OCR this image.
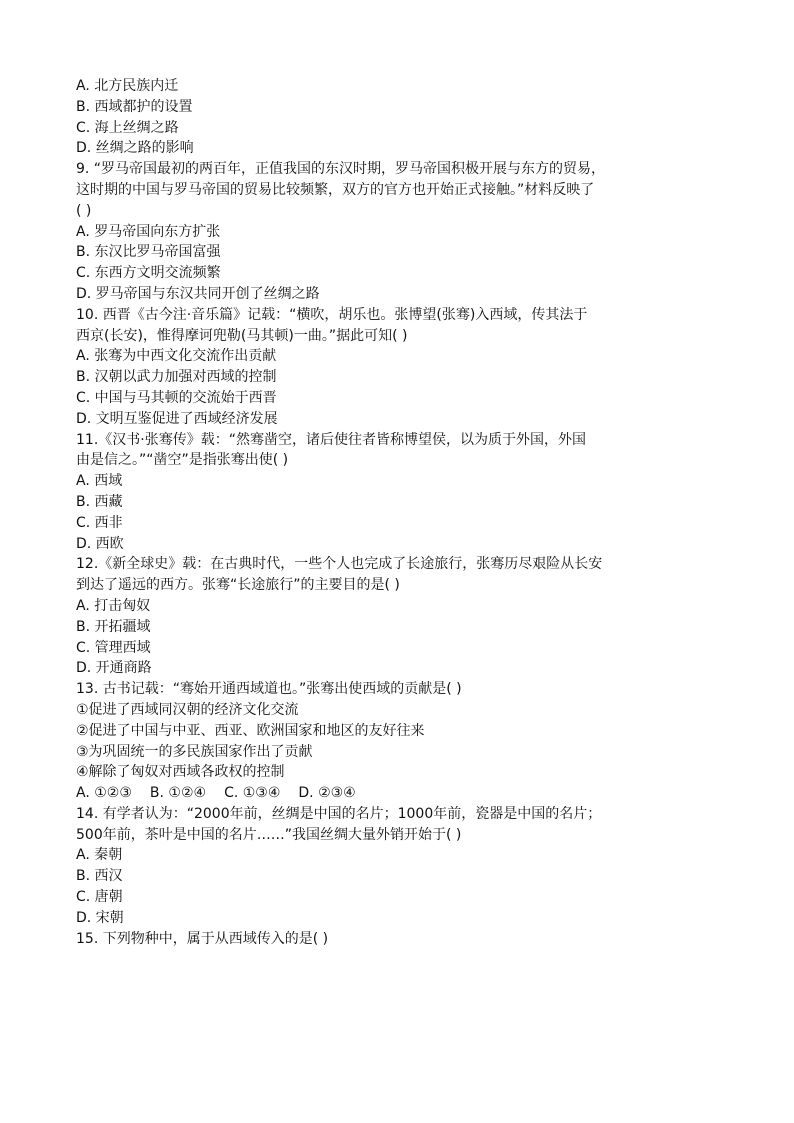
A. 北方民族内迁
B. 西域都护的设置
C. 海上丝绸之路
D. 丝绸之路的影响
9. “罗马帝国最初的两百年，正值我国的东汉时期，罗马帝国积极开展与东方的贸易，
这时期的中国与罗马帝国的贸易比较频繁，双方的官方也开始正式接触。”材料反映了
( )
A. 罗马帝国向东方扩张
B. 东汉比罗马帝国富强
C. 东西方文明交流频繁
D. 罗马帝国与东汉共同开创了丝绸之路
10. 西晋《古今注·音乐篇》记载：“横吹，胡乐也。张博望(张骞)入西域，传其法于
西京(长安)，惟得摩诃兜勒(马其顿)一曲。”据此可知( )
A. 张骞为中西文化交流作出贡献
B. 汉朝以武力加强对西域的控制
C. 中国与马其顿的交流始于西晋
D. 文明互鉴促进了西域经济发展
11.《汉书·张骞传》载：“然骞凿空，诸后使往者皆称博望侯，以为质于外国，外国
由是信之。”“凿空”是指张骞出使( )
A. 西域
B. 西藏
C. 西非
D. 西欧
12.《新全球史》载：在古典时代，一些个人也完成了长途旅行，张骞历尽艰险从长安
到达了遥远的西方。张骞“长途旅行”的主要目的是( )
A. 打击匈奴
B. 开拓疆域
C. 管理西域
D. 开通商路
13. 古书记载：“骞始开通西域道也。”张骞出使西域的贡献是( )
①促进了西域同汉朝的经济文化交流
②促进了中国与中亚、西亚、欧洲国家和地区的友好往来
③为巩固统一的多民族国家作出了贡献
④解除了匈奴对西域各政权的控制
A. ①②③ B. ①②④ C. ①③④ D. ②③④
14. 有学者认为：“2000年前，丝绸是中国的名片；1000年前，瓷器是中国的名片；
500年前，茶叶是中国的名片……”我国丝绸大量外销开始于( )
A. 秦朝
B. 西汉
C. 唐朝
D. 宋朝
15. 下列物种中，属于从西域传入的是( )
